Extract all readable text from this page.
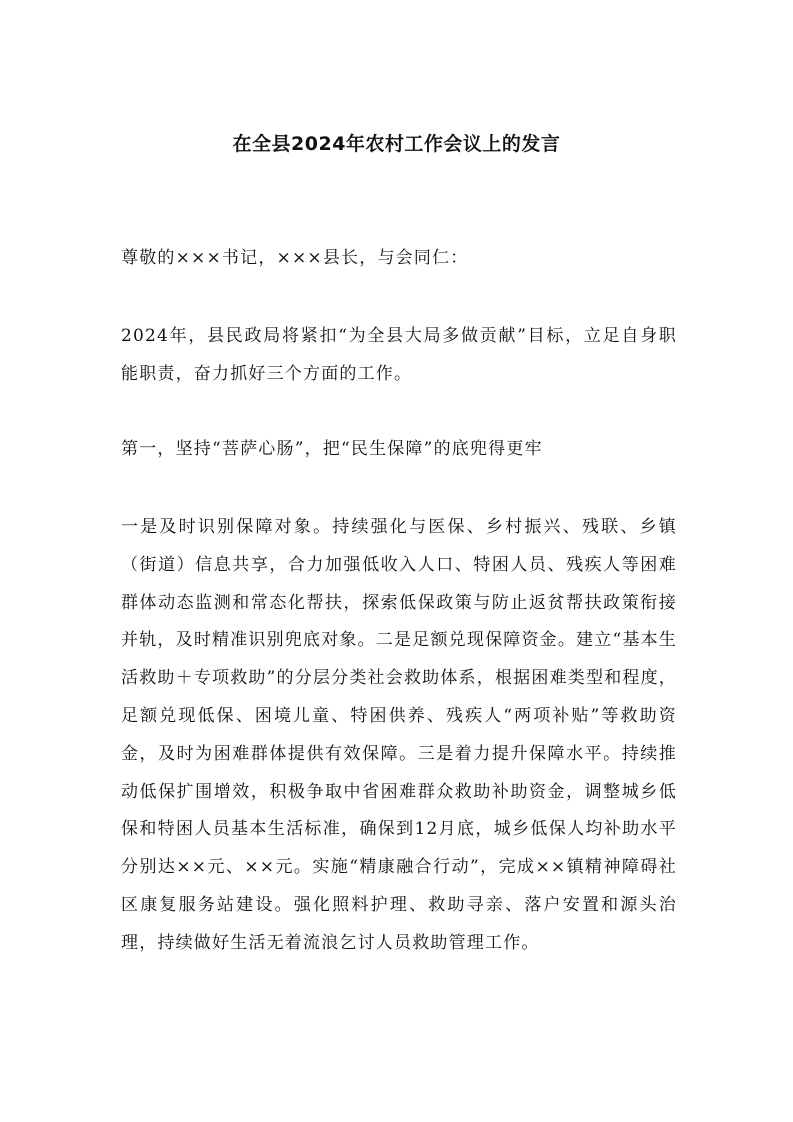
在全县2024年农村工作会议上的发言
尊敬的×××书记，×××县长，与会同仁：
2024年，县民政局将紧扣“为全县大局多做贡献”目标，立足自身职能职责，奋力抓好三个方面的工作。
第一，坚持“菩萨心肠”，把“民生保障”的底兜得更牢
一是及时识别保障对象。持续强化与医保、乡村振兴、残联、乡镇（街道）信息共享，合力加强低收入人口、特困人员、残疾人等困难群体动态监测和常态化帮扶，探索低保政策与防止返贫帮扶政策衔接并轨，及时精准识别兜底对象。二是足额兑现保障资金。建立“基本生活救助＋专项救助”的分层分类社会救助体系，根据困难类型和程度，足额兑现低保、困境儿童、特困供养、残疾人“两项补贴”等救助资金，及时为困难群体提供有效保障。三是着力提升保障水平。持续推动低保扩围增效，积极争取中省困难群众救助补助资金，调整城乡低保和特困人员基本生活标准，确保到12月底，城乡低保人均补助水平分别达××元、××元。实施“精康融合行动”，完成××镇精神障碍社区康复服务站建设。强化照料护理、救助寻亲、落户安置和源头治理，持续做好生活无着流浪乞讨人员救助管理工作。
